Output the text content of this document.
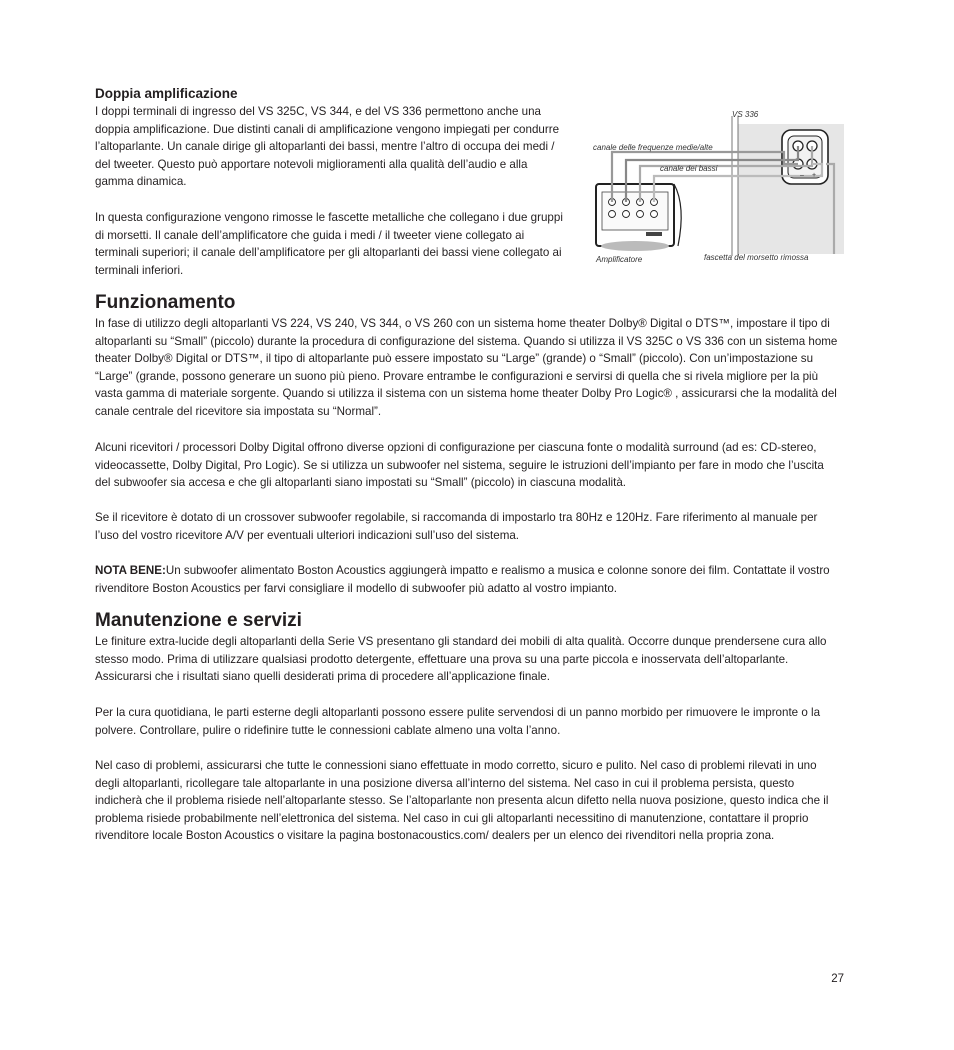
Doppia amplificazione

I doppi terminali di ingresso del VS 325C, VS 344, e del VS 336 permettono anche una doppia amplificazione. Due distinti canali di amplificazione vengono impiegati per condurre l’altoparlante. Un canale dirige gli altoparlanti dei bassi, mentre l’altro di occupa dei medi / del tweeter. Questo può apportare notevoli miglioramenti alla qualità dell’audio e alla gamma dinamica.

In questa configurazione vengono rimosse le fascette metalliche che collegano i due gruppi di morsetti. Il canale dell’amplificatore che guida i medi / il tweeter viene collegato ai terminali superiori; il canale dell’amplificatore per gli altoparlanti dei bassi viene collegato ai terminali inferiori.

VS 336
canale delle frequenze medie/alte
canale dei bassi
Amplificatore	fascetta del morsetto rimossa
– +
Funzionamento

In fase di utilizzo degli altoparlanti VS 224, VS 240, VS 344, o VS 260 con un sistema home theater Dolby® Digital o DTS™, impostare il tipo di altoparlanti su “Small” (piccolo) durante la procedura di configurazione del sistema. Quando si utilizza il VS 325C o VS 336 con un sistema home theater Dolby® Digital or DTS™, il tipo di altoparlante può essere impostato su “Large” (grande) o “Small” (piccolo). Con un’impostazione su “Large” (grande, possono generare un suono più pieno. Provare entrambe le configurazioni e servirsi di quella che si rivela migliore per la più vasta gamma di materiale sorgente. Quando si utilizza il sistema con un sistema home theater Dolby Pro Logic® , assicurarsi che la modalità del canale centrale del ricevitore sia impostata su “Normal”.

Alcuni ricevitori / processori Dolby Digital offrono diverse opzioni di configurazione per ciascuna fonte o modalità surround (ad es: CD-stereo, videocassette, Dolby Digital, Pro Logic). Se si utilizza un subwoofer nel sistema, seguire le istruzioni dell’impianto per fare in modo che l’uscita del subwoofer sia accesa e che gli altoparlanti siano impostati su “Small” (piccolo) in ciascuna modalità.

Se il ricevitore è dotato di un crossover subwoofer regolabile, si raccomanda di impostarlo tra 80Hz e 120Hz. Fare riferimento al manuale per l’uso del vostro ricevitore A/V per eventuali ulteriori indicazioni sull’uso del sistema.

NOTA BENE:Un subwoofer alimentato Boston Acoustics aggiungerà impatto e realismo a musica e colonne sonore dei film. Contattate il vostro rivenditore Boston Acoustics per farvi consigliare il modello di subwoofer più adatto al vostro impianto.

Manutenzione e servizi

Le finiture extra-lucide degli altoparlanti della Serie VS presentano gli standard dei mobili di alta qualità. Occorre dunque prendersene cura allo stesso modo. Prima di utilizzare qualsiasi prodotto detergente, effettuare una prova su una parte piccola e inosservata dell’altoparlante. Assicurarsi che i risultati siano quelli desiderati prima di procedere all’applicazione finale.

Per la cura quotidiana, le parti esterne degli altoparlanti possono essere pulite servendosi di un panno morbido per rimuovere le impronte o la polvere. Controllare, pulire o ridefinire tutte le connessioni cablate almeno una volta l’anno.

Nel caso di problemi, assicurarsi che tutte le connessioni siano effettuate in modo corretto, sicuro e pulito. Nel caso di problemi rilevati in uno degli altoparlanti, ricollegare tale altoparlante in una posizione diversa all’interno del sistema. Nel caso in cui il problema persista, questo indicherà che il problema risiede nell’altoparlante stesso. Se l’altoparlante non presenta alcun difetto nella nuova posizione, questo indica che il problema risiede probabilmente nell’elettronica del sistema. Nel caso in cui gli altoparlanti necessitino di manutenzione, contattare il proprio rivenditore locale Boston Acoustics o visitare la pagina bostonacoustics.com/ dealers per un elenco dei rivenditori nella propria zona.

27
